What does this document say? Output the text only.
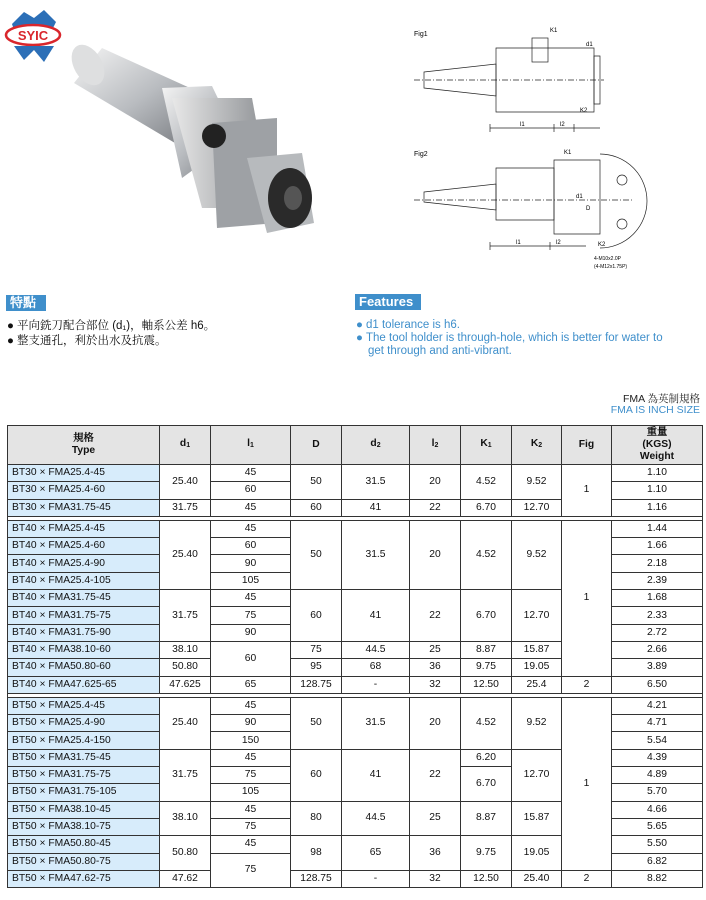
SYIC	Fig1
l1	l2
K1
d1
K2
Fig2
l1	l2
K1
d1
D
K2
4-M10x2.0P
(4-M12x1.75P)
特點
● 平向銑刀配合部位 (d₁)，軸系公差 h6。
● 整支通孔，利於出水及抗震。
Features
● d1 tolerance is h6.
● The tool holder is through-hole, which is better for water to
get through and anti-vibrant.
FMA 為英制規格
FMA IS INCH SIZE
規格
Type	$d_1$	$l_1$	D	$d_2$	$l_2$	$K_1$	$K_2$	Fig	重量
(KGS)
Weight
BT30 × FMA25.4-45	25.40	45	50	31.5	20	4.52	9.52	1	1.10
BT30 × FMA25.4-60		60							1.10
BT30 × FMA31.75-45	31.75	45	60	41	22	6.70	12.70		1.16

BT40 × FMA25.4-45	25.40	45	50	31.5	20	4.52	9.52	1	1.44
BT40 × FMA25.4-60		60							1.66
BT40 × FMA25.4-90		90							2.18
BT40 × FMA25.4-105		105							2.39
BT40 × FMA31.75-45	31.75	45	60	41	22	6.70	12.70		1.68
BT40 × FMA31.75-75		75							2.33
BT40 × FMA31.75-90		90							2.72
BT40 × FMA38.10-60	38.10	60	75	44.5	25	8.87	15.87		2.66
BT40 × FMA50.80-60	50.80		95	68	36	9.75	19.05		3.89
BT40 × FMA47.625-65	47.625	65	128.75	-	32	12.50	25.4	2	6.50

BT50 × FMA25.4-45	25.40	45	50	31.5	20	4.52	9.52	1	4.21
BT50 × FMA25.4-90		90							4.71
BT50 × FMA25.4-150		150							5.54
BT50 × FMA31.75-45	31.75	45	60	41	22	6.20	12.70		4.39
BT50 × FMA31.75-75		75				6.70			4.89
BT50 × FMA31.75-105		105							5.70
BT50 × FMA38.10-45	38.10	45	80	44.5	25	8.87	15.87		4.66
BT50 × FMA38.10-75		75							5.65
BT50 × FMA50.80-45	50.80	45	98	65	36	9.75	19.05		5.50
BT50 × FMA50.80-75		75							6.82
BT50 × FMA47.62-75	47.62		128.75	-	32	12.50	25.40	2	8.82
